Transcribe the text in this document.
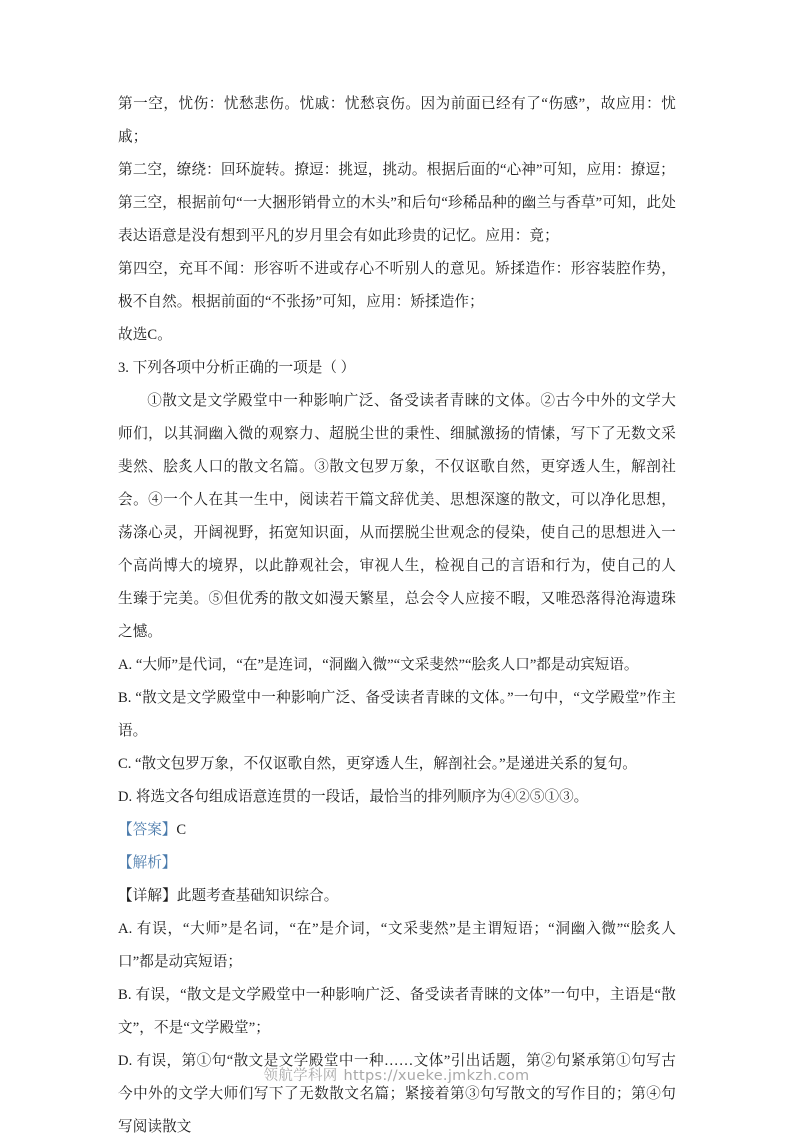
第一空，忧伤：忧愁悲伤。忧戚：忧愁哀伤。因为前面已经有了“伤感”，故应用：忧戚；
第二空，缭绕：回环旋转。撩逗：挑逗，挑动。根据后面的“心神”可知，应用：撩逗；
第三空，根据前句“一大捆形销骨立的木头”和后句“珍稀品种的幽兰与香草”可知，此处表达语意是没有想到平凡的岁月里会有如此珍贵的记忆。应用：竟；
第四空，充耳不闻：形容听不进或存心不听别人的意见。矫揉造作：形容装腔作势，极不自然。根据前面的“不张扬”可知，应用：矫揉造作；
故选C。
3. 下列各项中分析正确的一项是（ ）
①散文是文学殿堂中一种影响广泛、备受读者青睐的文体。②古今中外的文学大师们，以其洞幽入微的观察力、超脱尘世的秉性、细腻激扬的情愫，写下了无数文采斐然、脍炙人口的散文名篇。③散文包罗万象，不仅讴歌自然，更穿透人生，解剖社会。④一个人在其一生中，阅读若干篇文辞优美、思想深邃的散文，可以净化思想，荡涤心灵，开阔视野，拓宽知识面，从而摆脱尘世观念的侵染，使自己的思想进入一个高尚博大的境界，以此静观社会，审视人生，检视自己的言语和行为，使自己的人生臻于完美。⑤但优秀的散文如漫天繁星，总会令人应接不暇，又唯恐落得沧海遗珠之憾。
A. “大师”是代词，“在”是连词，“洞幽入微”“文采斐然”“脍炙人口”都是动宾短语。
B. “散文是文学殿堂中一种影响广泛、备受读者青睐的文体。”一句中，“文学殿堂”作主语。
C. “散文包罗万象，不仅讴歌自然，更穿透人生，解剖社会。”是递进关系的复句。
D. 将选文各句组成语意连贯的一段话，最恰当的排列顺序为④②⑤①③。
【答案】C
【解析】
【详解】此题考查基础知识综合。
A. 有误，“大师”是名词，“在”是介词，“文采斐然”是主谓短语；“洞幽入微”“脍炙人口”都是动宾短语；
B. 有误，“散文是文学殿堂中一种影响广泛、备受读者青睐的文体”一句中，主语是“散文”，不是“文学殿堂”；
D. 有误，第①句“散文是文学殿堂中一种……文体”引出话题，第②句紧承第①句写古今中外的文学大师们写下了无数散文名篇；紧接着第③句写散文的写作目的；第④句写阅读散文
领航学科网 https://xueke.jmkzh.com
